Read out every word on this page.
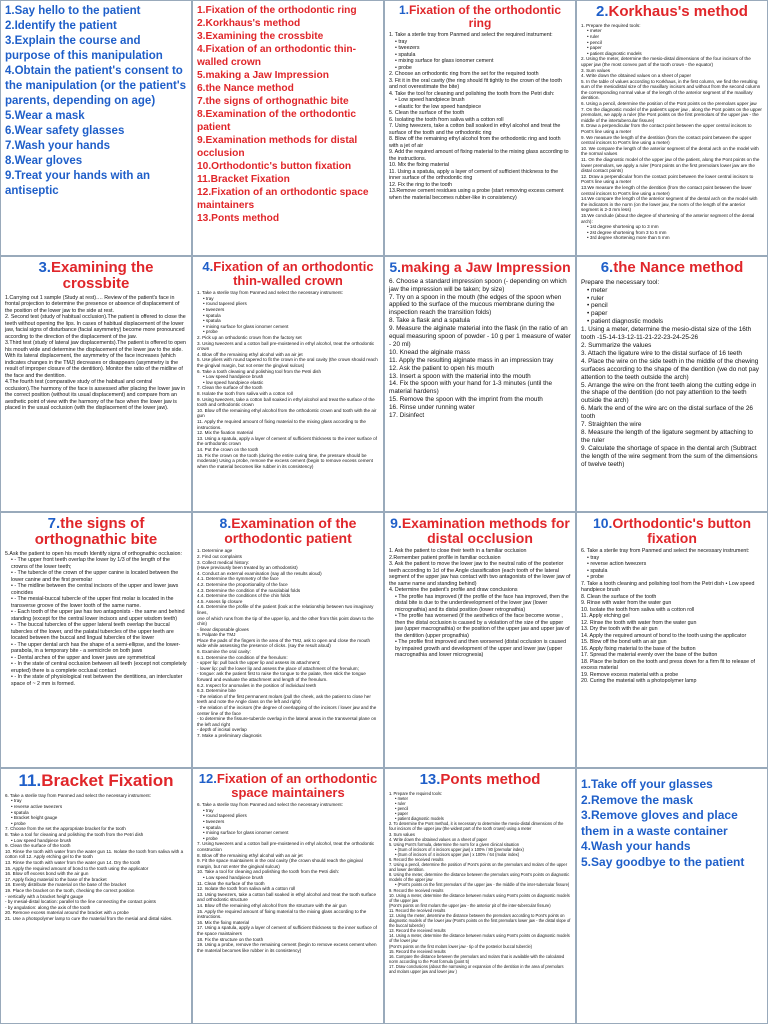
1.Say hello to the patient
2.Identify the patient
3.Explain the course and purpose of this manipulation
4.Obtain the patient's consent to the manipulation (or the patient's parents, depending on age)
5.Wear a mask
6.Wear safety glasses
7.Wash your hands
8.Wear gloves
9.Treat your hands with an antiseptic
1.Fixation of the orthodontic ring
2.Korkhaus's method
3.Examining the crossbite
4.Fixation of an orthodontic thin-walled crown
5.making a Jaw Impression
6.the Nance method
7.the signs of orthognathic bite
8.Examination of the orthodontic patient
9.Examination methods for distal occlusion
10.Orthodontic's button fixation
11.Bracket Fixation
12.Fixation of an orthodontic space maintainers
13.Ponts method
1.Fixation of the orthodontic ring
1. Take a sterile tray from Panmed and select the required instrument:
• tray
• tweezers
• spatula
• mixing surface for glass ionomer cement
• probe
2. Choose an orthodontic ring from the set for the required tooth
3. Fit it in the oral cavity (the ring should fit tightly to the crown of the tooth and not overestimate the bite)
4. Take the tool for cleaning and polishing the tooth from the Petri dish:
• Low speed handpiece brush
• elastic for the low speed handpiece
5. Clean the surface of the tooth
6. Isolating the tooth from saliva with a cotton roll
7. Using tweezers, take a cotton ball soaked in ethyl alcohol and treat the surface of the tooth and the orthodontic ring
8. Blow off the remaining ethyl alcohol from the orthodontic ring and tooth with a jet of air
9. Add the required amount of fixing material to the mixing glass according to the instructions.
10. Mix the fixing material
11. Using a spatula, apply a layer of cement of sufficient thickness to the inner surface of the orthodontic ring
12. Fix the ring to the tooth
13.Remove cement residues using a probe (start removing excess cement when the material becomes rubber-like in consistency)
2.Korkhaus's method
1. Prepare the required tools:
• meter
• ruler
• pencil
• paper
• patient diagnostic models
2. Using the meter, determine the mesio-distal dimensions of the four incisors of the upper jaw (the most convex part of the tooth crown - the equator)
3. Sum values
4. Write down the obtained values on a sheet of paper
5. In the table of values according to Korkhaus, in the first column, we find the resulting sum of the mesiodistal size of the maxillary incisors and without from the second column the corresponding normal value of the length of the anterior segment of the maxillary dentition.
6. Using a pencil, determine the position of the Pont points on the premolars upper jaw
7. On the diagnostic model of the patient's upper jaw , along the Pont points on the upper premolars, we apply a ruler (the Pont points on the first premolars of the upper jaw - the middle of the intertubercular fissure)
8. Draw a perpendicular from the contact point between the upper central incisors to Pont's line using a meter
9. We measure the length of the dentition (from the contact point between the upper central incisors to Pont's line using a meter)
10. We compare the length of the anterior segment of the dental arch on the model with the normal values
11. On the diagnostic model of the upper jaw of the patient, along the Pont points on the lower premolars, we apply a ruler (Pont points on the first premolars lower jaw are the distal contact points)
12. Draw a perpendicular from the contact point between the lower central incisors to Pont's line using a meter
13.We measure the length of the dentition (from the contact point between the lower central incisors to Pont's line using a meter)
14.We compare the length of the anterior segment of the dental arch on the model with the indicators in the norm (on the lower jaw, the norm of the length of the anterior segment is 2-3 mm less)
15.We conclude (about the degree of shortening of the anterior segment of the dental arch):
• 1st degree shortening up to 3 mm
• 2st degree shortening from 3 to 5 mm
• 3rd degree shortening more than 5 mm
3.Examining the crossbite
1.Carrying out 1 sample (Study at rest)…. Review of the patient's face in frontal projection to determine the presence or absence of displacement of the position of the lower jaw to the side at rest.
2. Second test (study of habitual occlusion).The patient is offered to close the teeth without opening the lips. In cases of habitual displacement of the lower jaw, facial signs of disturbance (facial asymmetry) become more pronounced according to the direction of the displacement of the jaw.
3.Third test (study of lateral jaw displacements).The patient is offered to open his mouth wide and determine the displacement of the lower jaw to the side. With its lateral displacement, the asymmetry of the face increases (which indicates changes in the TMJ) decreases or disappears (asymmetry is the result of improper closure of the dentition). Monitor the ratio of the midline of the face and the dentition.
4.The fourth test (comparative study of the habitual and central occlusion).The harmony of the face is assessed after placing the lower jaw in the correct position (without its usual displacement) and compare from an aesthetic point of view with the harmony of the face when the lower jaw is placed in the usual occlusion (with the displacement of the lower jaw).
4.Fixation of an orthodontic thin-walled crown
1. Take a sterile tray from Panmed and select the necessary instrument:
• tray
• round tapered pliers
• tweezers
• spatula
• spatula
• mixing surface for glass ionomer cement
• probe
2. Pick up an orthodontic crown from the factory set
3. Using tweezers and a cotton ball pre-moistened in ethyl alcohol, treat the orthodontic crown
4. Blow off the remaining ethyl alcohol with an air jet
5. Use pliers with round tapered to fit the crown in the oral cavity (the crown should reach the gingival margin, but not enter the gingival sulcus)
6. Take a tooth cleaning and polishing tool from the Petri dish
• Low speed handpiece brush
• low speed handpiece elastic
7. Clean the surface of the tooth
8. Isolate the tooth from saliva with a cotton roll
9. Using tweezers, take a cotton ball soaked in ethyl alcohol and treat the surface of the tooth and orthodontic crown
10. Blow off the remaining ethyl alcohol from the orthodontic crown and tooth with the air gun
11. Apply the required amount of fixing material to the mixing glass according to the instructions.
12. Mix the fixation material
13. Using a spatula, apply a layer of cement of sufficient thickness to the inner surface of the orthodontic crown
14. Put the crown on the tooth
15. Fix the crown on the tooth (during the entire curing time, the pressure should be moderate) Using a probe, remove the excess cement (begin to remove excess cement when the material becomes like rubber in its consistency)
5.making a Jaw Impression
6. Choose a standard impression spoon (- depending on which jaw the impression will be taken; by size)
7. Try on a spoon in the mouth (the edges of the spoon when applied to the surface of the mucous membrane during the inspection reach the transition folds)
8. Take a flask and a spatula
9. Measure the alginate material into the flask (in the ratio of an equal measuring spoon of powder - 10 g per 1 measure of water - 20 ml)
10. Knead the alginate mass
11. Apply the resulting alginate mass in an impression tray
12. Ask the patient to open his mouth
13. Insert a spoon with the material into the mouth
14. Fix the spoon with your hand for 1-3 minutes (until the material hardens)
15. Remove the spoon with the imprint from the mouth
16. Rinse under running water
17. Disinfect
6.the Nance method
Prepare the necessary tool:
• meter
• ruler
• pencil
• paper
• patient diagnostic models
1. Using a meter, determine the mesio-distal size of the 16th tooth -15-14-13-12-11-21-22-23-24-25-26
2. Summarize the values
3. Attach the ligature wire to the distal surface of 16 teeth
4. Place the wire on the side teeth in the middle of the chewing surfaces according to the shape of the dentition (we do not pay attention to the teeth outside the arch)
5. Arrange the wire on the front teeth along the cutting edge in the shape of the dentition (do not pay attention to the teeth outside the arch)
6. Mark the end of the wire arc on the distal surface of the 26 tooth
7. Straighten the wire
8. Measure the length of the ligature segment by attaching to the ruler
9. Calculate the shortage of space in the dental arch (Subtract the length of the wire segment from the sum of the dimensions of twelve teeth)
7.the signs of orthognathic bite
5.Ask the patient to open his mouth Identify signs of orthognathic occlusion:
• - The upper front teeth overlap the lower by 1/3 of the length of the crowns of the lower teeth;
• - The tubercle of the crown of the upper canine is located between the lower canine and the first premolar
• - The midline between the central incisors of the upper and lower jaws coincides
• - The mesial-buccal tubercle of the upper first molar is located in the transverse groove of the lower tooth of the same name.
• - Each tooth of the upper jaw has two antagonists - the same and behind standing (except for the central lower incisors and upper wisdom teeth)
• - The buccal tubercles of the upper lateral teeth overlap the buccal tubercles of the lower, and the palatal tubercles of the upper teeth are located between the buccal and lingual tubercles of the lower
• - The upper dental arch has the shape of a semi-ellipse, and the lower-parabola, in a temporary bite - a semicircle on both jaws
• - Dental arches of the upper and lower jaws are symmetrical
• - In the state of central occlusion between all teeth (except not completely erupted) there is a complete occlusal contact
• - In the state of physiological rest between the dentitions, an intercluster space of ~ 2 mm is formed.
8.Examination of the orthodontic patient
1. Determine age
2. Find out complaints
3. Collect medical history:
(Have previously been treated by an orthodontist)
4. Conduct an external examination (say all the results aloud)
4.1. Determine the symmetry of the face
4.2. Determine the proportionality of the face
4.3. Determine the condition of the nasolabial folds
4.4. Determine the conditions of the chin folds
4.5. Assess lip closure
4.6. Determine the profile of the patient (look at the relationship between two imaginary lines,
one of which runs from the tip of the upper lip, and the other from this point down to the chin)
- linear disposable gloves
5. Palpate the TMJ
Place the pads of the fingers in the area of the TMJ, ask to open and close the mouth wide while assessing the presence of clicks. (say the result aloud)
6. Examine the oral cavity:
6.1. Determine the condition of the frenulum:
- upper lip: pull back the upper lip and assess its attachment;
- lower lip: pull the lower lip and assess the place of attachment of the frenulum;
- tongue: ask the patient first to raise the tongue to the palate, then stick the tongue forward and evaluate the attachment and length of the frenulum.
6.2. Inspect for anomalies in the position of individual teeth
6.3. Determine bite
- the relation of the first permanent molars (pull the cheek, ask the patient to close her teeth and note the Angle class on the left and right)
- the relation of the incisors (the degree of overlapping of the incisors / lower jaw and the center line of the face
- to determine the fissure-tubercle overlap in the lateral areas in the transversal plane on the left and right
- depth of incisal overlap
7. Make a preliminary diagnosis
9.Examination methods for distal occlusion
1. Ask the patient to close their teeth in a familiar occlusion
2.Remember patient profile in familiar occlusion
3. Ask the patient to move the lower jaw to the neutral ratio of the posterior teeth according to 1cl of the Angle classification (each tooth of the lateral segment of the upper jaw has contact with two antagonists of the lower jaw of the same name and standing behind)
4. Determine the patient's profile and draw conclusions
• The profile has improved (if the profile of the face has improved, then the distal bite is due to the underdevelopment of the lower jaw (lower micrognathia) and its distal position (lower retrognathia)
• The profile has worsened (if the aesthetics of the face become worse , then the distal occlusion is caused by a violation of the size of the upper jaw (upper macrognathia) or the position of the upper jaw and upper jaw of the dentition (upper prognathia)
• The profile first improved and then worsened (distal occlusion is caused by impaired growth and development of the upper and lower jaw (upper macrognathia and lower micrognesia)
10.Orthodontic's button fixation
6. Take a sterile tray from Panmed and select the necessary instrument:
• tray
• reverse action tweezers
• spatula
• probe
7. Take a tooth cleaning and polishing tool from the Petri dish • Low speed handpiece brush
8. Clean the surface of the tooth
9. Rinse with water from the water gun
10. Isolate the tooth from saliva with a cotton roll
11. Apply etching gel
12. Rinse the tooth with water from the water gun
13. Dry the tooth with the air gun
14. Apply the required amount of bond to the tooth using the applicator
15. Blow off the bond with an air gun
16. Apply fixing material to the base of the button
17. Spread the material evenly over the base of the button
18. Place the button on the tooth and press down for a firm fit to release of excess material
19. Remove excess material with a probe
20. Curing the material with a photopolymer lamp
11.Bracket Fixation
6. Take a sterile tray from Panmed and select the necessary instrument:
• tray
• reverse active tweezers
• spatula
• Bracket height gauge
• probe
7. Choose from the set the appropriate bracket for the tooth
8. Take a tool for cleaning and polishing the tooth from the Petri dish
• Low speed handpiece brush
9. Clean the surface of the tooth
10. Rinse the tooth with water from the water gun 11. Isolate the tooth from saliva with a cotton roll 12. Apply etching gel to the tooth
13. Rinse the tooth with water from the water gun 14. Dry the tooth
15. Apply the required amount of bond to the tooth using the applicator
16. Blow off excess bond with the air gun
17. Apply fixing material to the base of the bracket
18. Evenly distribute the material on the base of the bracket
19. Place the bracket on the tooth, checking the correct position
- vertically with a bracket height gauge
- by mesial-distal location: parallel to the line connecting the contact points
- by angulation: along the axis of the tooth
20. Remove excess material around the bracket with a probe
21. Use a photopolymer lamp to cure the material from the mesial and distal sides.
12.Fixation of an orthodontic space maintainers
6. Take a sterile tray from Panmed and select the necessary instrument:
• tray
• round tapered pliers
• tweezers
• spatula
• mixing surface for glass ionomer cement
• probe
7. Using tweezers and a cotton ball pre-moistened in ethyl alcohol, treat the orthodontic construction
8. Blow off the remaining ethyl alcohol with an air jet
9. Fit the space maintainers in the oral cavity (the crown should reach the gingival margin, but not enter the gingival sulcus)
10. Take a tool for cleaning and polishing the tooth from the Petri dish:
• Low speed handpiece brush
11. Clean the surface of the tooth
12. Isolate the tooth from saliva with a cotton roll
13. Using tweezers, take a cotton ball soaked in ethyl alcohol and treat the tooth surface and orthodontic structure
14. Blow off the remaining ethyl alcohol from the structure with the air gun
15. Apply the required amount of fixing material to the mixing glass according to the instructions.
16. Mix the fixing material
17. Using a spatula, apply a layer of cement of sufficient thickness to the inner surface of the space maintainers
18. Fix the structure on the tooth
19. Using a probe, remove the remaining cement (begin to remove excess cement when the material becomes like rubber in its consistency)
13.Ponts method
1. Prepare the required tools:
• meter
• ruler
• pencil
• paper
• patient diagnostic models
2. To determine the Pont method, it is necessary to determine the mesio-distal dimensions of the four incisors of the upper jaw (the widest part of the tooth crown) using a meter
3. Sum values
4. Write down the obtained values on a sheet of paper
5. Using Pont's formula, determine the norm for a given clinical situation
• (Sum of incisors of 4 incisors upper jaw) x 100% / 80 (premolar index)
• (Sum of incisors of 4 incisors upper jaw ) x 100% / 64 (molar index)
6. Record the received results
7. Using a pencil, determine the position of Pont's points on the premolars and molars of the upper and lower dentition.
8. Using the meter, determine the distance between the premolars using Pont's points on diagnostic models of the upper jaw
• (Pont's points on the first premolars of the upper jaw - the middle of the inter-tubercular fissure)
9. Record the received results
10. Using a meter, determine the distance between molars using Pont's points on diagnostic models of the upper jaw
(Pont's points on first molars the upper jaw - the anterior pit of the inter-tubercular fissure)
11. Record the received results
12. Using the meter, determine the distance between the premolars according to Pont's points on diagnostic models of the lower jaw (Pont's points on the first premolars lower jaw - the distal slope of the buccal tubercle)
13. Record the received results
14. Using a meter, determine the distance between molars using Pont's points on diagnostic models of the lower jaw
(Pont's points on the first molars lower jaw - tip of the posterior buccal tubercle)
15. Record the received results
16. Compare the distance between the premolars and molars that is available with the calculated norm according to the Pont formula (point 5)
17. Draw conclusions (about the narrowing or expansion of the dentition in the area of premolars and molars upper jaw and lower jaw )
1.Take off your glasses
2.Remove the mask
3.Remove gloves and place them in a waste container
4.Wash your hands
5.Say goodbye to the patient
